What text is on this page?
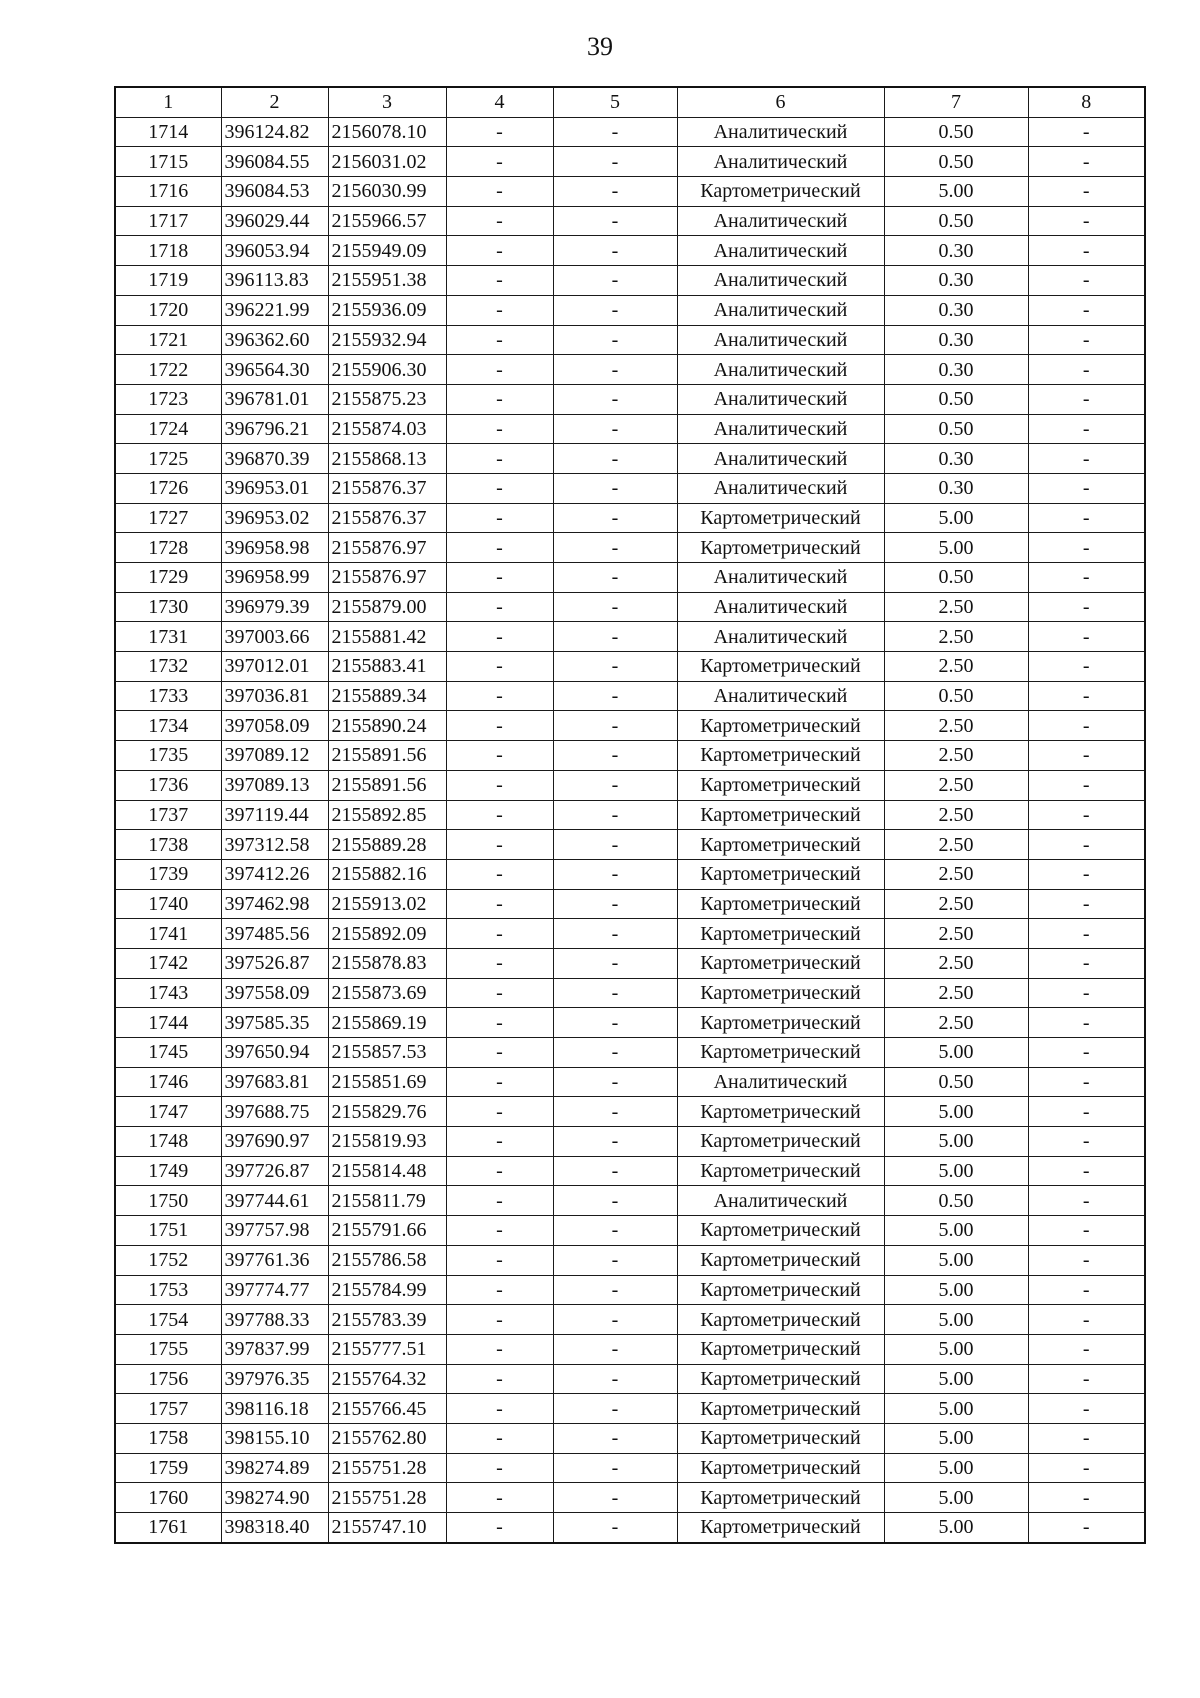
39
1	2	3	4	5	6	7	8
1714	396124.82	2156078.10	-	-	Аналитический	0.50	-
1715	396084.55	2156031.02	-	-	Аналитический	0.50	-
1716	396084.53	2156030.99	-	-	Картометрический	5.00	-
1717	396029.44	2155966.57	-	-	Аналитический	0.50	-
1718	396053.94	2155949.09	-	-	Аналитический	0.30	-
1719	396113.83	2155951.38	-	-	Аналитический	0.30	-
1720	396221.99	2155936.09	-	-	Аналитический	0.30	-
1721	396362.60	2155932.94	-	-	Аналитический	0.30	-
1722	396564.30	2155906.30	-	-	Аналитический	0.30	-
1723	396781.01	2155875.23	-	-	Аналитический	0.50	-
1724	396796.21	2155874.03	-	-	Аналитический	0.50	-
1725	396870.39	2155868.13	-	-	Аналитический	0.30	-
1726	396953.01	2155876.37	-	-	Аналитический	0.30	-
1727	396953.02	2155876.37	-	-	Картометрический	5.00	-
1728	396958.98	2155876.97	-	-	Картометрический	5.00	-
1729	396958.99	2155876.97	-	-	Аналитический	0.50	-
1730	396979.39	2155879.00	-	-	Аналитический	2.50	-
1731	397003.66	2155881.42	-	-	Аналитический	2.50	-
1732	397012.01	2155883.41	-	-	Картометрический	2.50	-
1733	397036.81	2155889.34	-	-	Аналитический	0.50	-
1734	397058.09	2155890.24	-	-	Картометрический	2.50	-
1735	397089.12	2155891.56	-	-	Картометрический	2.50	-
1736	397089.13	2155891.56	-	-	Картометрический	2.50	-
1737	397119.44	2155892.85	-	-	Картометрический	2.50	-
1738	397312.58	2155889.28	-	-	Картометрический	2.50	-
1739	397412.26	2155882.16	-	-	Картометрический	2.50	-
1740	397462.98	2155913.02	-	-	Картометрический	2.50	-
1741	397485.56	2155892.09	-	-	Картометрический	2.50	-
1742	397526.87	2155878.83	-	-	Картометрический	2.50	-
1743	397558.09	2155873.69	-	-	Картометрический	2.50	-
1744	397585.35	2155869.19	-	-	Картометрический	2.50	-
1745	397650.94	2155857.53	-	-	Картометрический	5.00	-
1746	397683.81	2155851.69	-	-	Аналитический	0.50	-
1747	397688.75	2155829.76	-	-	Картометрический	5.00	-
1748	397690.97	2155819.93	-	-	Картометрический	5.00	-
1749	397726.87	2155814.48	-	-	Картометрический	5.00	-
1750	397744.61	2155811.79	-	-	Аналитический	0.50	-
1751	397757.98	2155791.66	-	-	Картометрический	5.00	-
1752	397761.36	2155786.58	-	-	Картометрический	5.00	-
1753	397774.77	2155784.99	-	-	Картометрический	5.00	-
1754	397788.33	2155783.39	-	-	Картометрический	5.00	-
1755	397837.99	2155777.51	-	-	Картометрический	5.00	-
1756	397976.35	2155764.32	-	-	Картометрический	5.00	-
1757	398116.18	2155766.45	-	-	Картометрический	5.00	-
1758	398155.10	2155762.80	-	-	Картометрический	5.00	-
1759	398274.89	2155751.28	-	-	Картометрический	5.00	-
1760	398274.90	2155751.28	-	-	Картометрический	5.00	-
1761	398318.40	2155747.10	-	-	Картометрический	5.00	-
